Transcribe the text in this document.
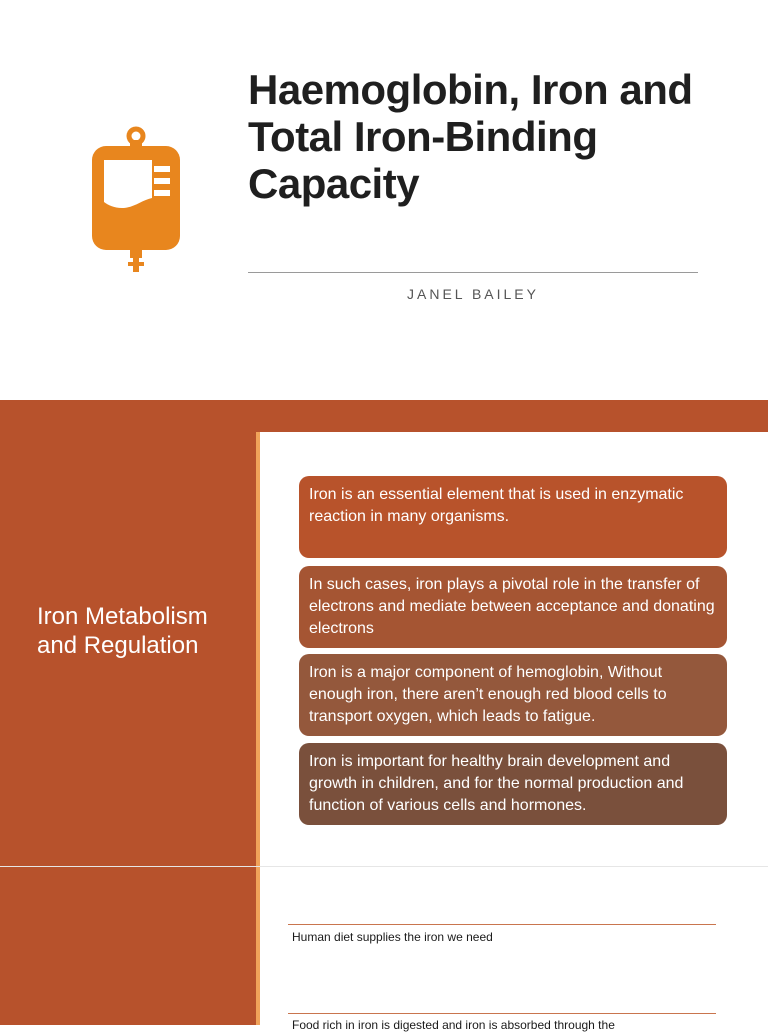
Haemoglobin, Iron and Total Iron-Binding Capacity
JANEL BAILEY
Iron Metabolism and Regulation
Iron is an essential element that is used in enzymatic reaction in many organisms.
In such cases, iron plays a pivotal role in the transfer of electrons and mediate between acceptance and donating electrons
Iron is a major component of hemoglobin, Without enough iron, there aren’t enough red blood cells to transport oxygen, which leads to fatigue.
Iron is important for healthy brain development and growth in children, and for the normal production and function of various cells and hormones.
Human diet supplies the iron we need
Food rich in iron is digested and iron is absorbed through the
